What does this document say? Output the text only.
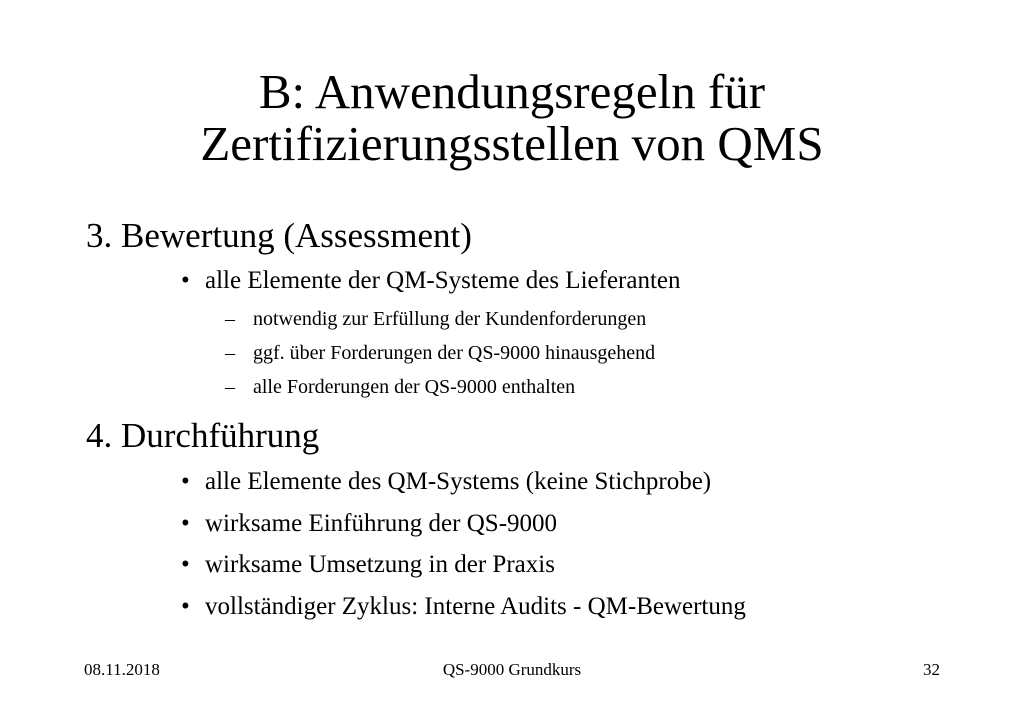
B: Anwendungsregeln für
Zertifizierungsstellen von QMS
3. Bewertung (Assessment)
• alle Elemente der QM-Systeme des Lieferanten
– notwendig zur Erfüllung der Kundenforderungen
– ggf. über Forderungen der QS-9000 hinausgehend
– alle Forderungen der QS-9000 enthalten
4. Durchführung
• alle Elemente des QM-Systems (keine Stichprobe)
• wirksame Einführung der QS-9000
• wirksame Umsetzung in der Praxis
• vollständiger Zyklus: Interne Audits - QM-Bewertung
08.11.2018	QS-9000 Grundkurs	32
